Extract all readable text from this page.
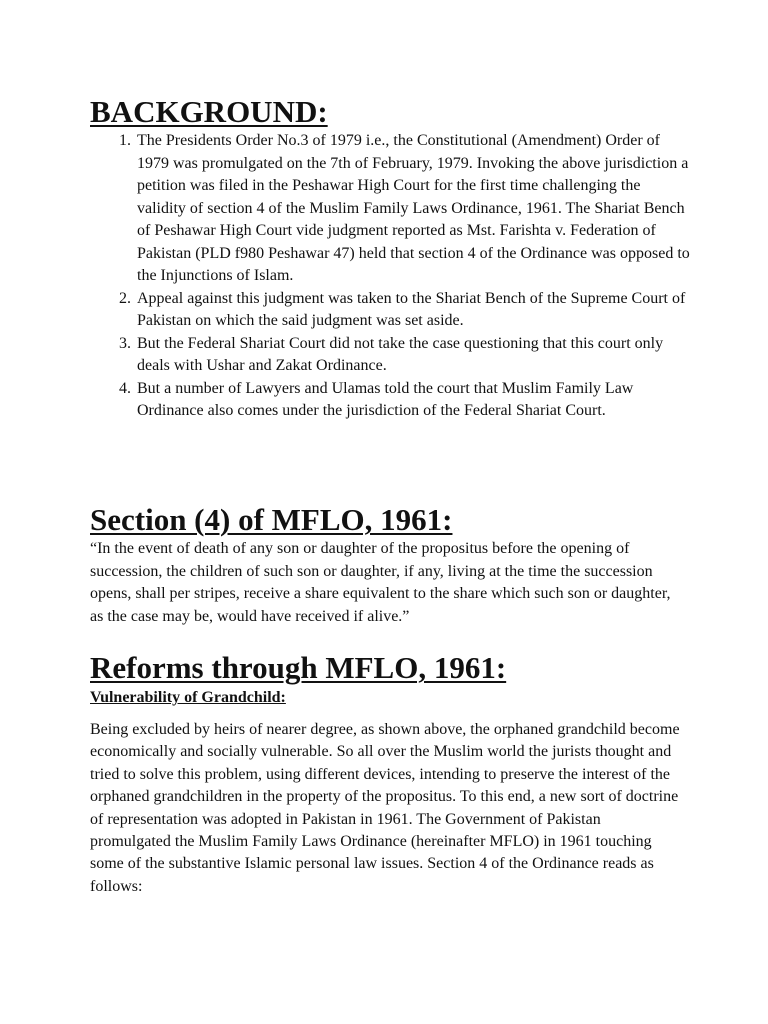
BACKGROUND:
1. The Presidents Order No.3 of 1979 i.e., the Constitutional (Amendment) Order of 1979 was promulgated on the 7th of February, 1979. Invoking the above jurisdiction a petition was filed in the Peshawar High Court for the first time challenging the validity of section 4 of the Muslim Family Laws Ordinance, 1961. The Shariat Bench of Peshawar High Court vide judgment reported as Mst. Farishta v. Federation of Pakistan (PLD f980 Peshawar 47) held that section 4 of the Ordinance was opposed to the Injunctions of Islam.
2. Appeal against this judgment was taken to the Shariat Bench of the Supreme Court of Pakistan on which the said judgment was set aside.
3. But the Federal Shariat Court did not take the case questioning that this court only deals with Ushar and Zakat Ordinance.
4. But a number of Lawyers and Ulamas told the court that Muslim Family Law Ordinance also comes under the jurisdiction of the Federal Shariat Court.
Section (4) of MFLO, 1961:

“In the event of death of any son or daughter of the propositus before the opening of succession, the children of such son or daughter, if any, living at the time the succession opens, shall per stripes, receive a share equivalent to the share which such son or daughter, as the case may be, would have received if alive.”

Reforms through MFLO, 1961:

Vulnerability of Grandchild:

Being excluded by heirs of nearer degree, as shown above, the orphaned grandchild become economically and socially vulnerable. So all over the Muslim world the jurists thought and tried to solve this problem, using different devices, intending to preserve the interest of the orphaned grandchildren in the property of the propositus. To this end, a new sort of doctrine of representation was adopted in Pakistan in 1961. The Government of Pakistan promulgated the Muslim Family Laws Ordinance (hereinafter MFLO) in 1961 touching some of the substantive Islamic personal law issues. Section 4 of the Ordinance reads as follows:
